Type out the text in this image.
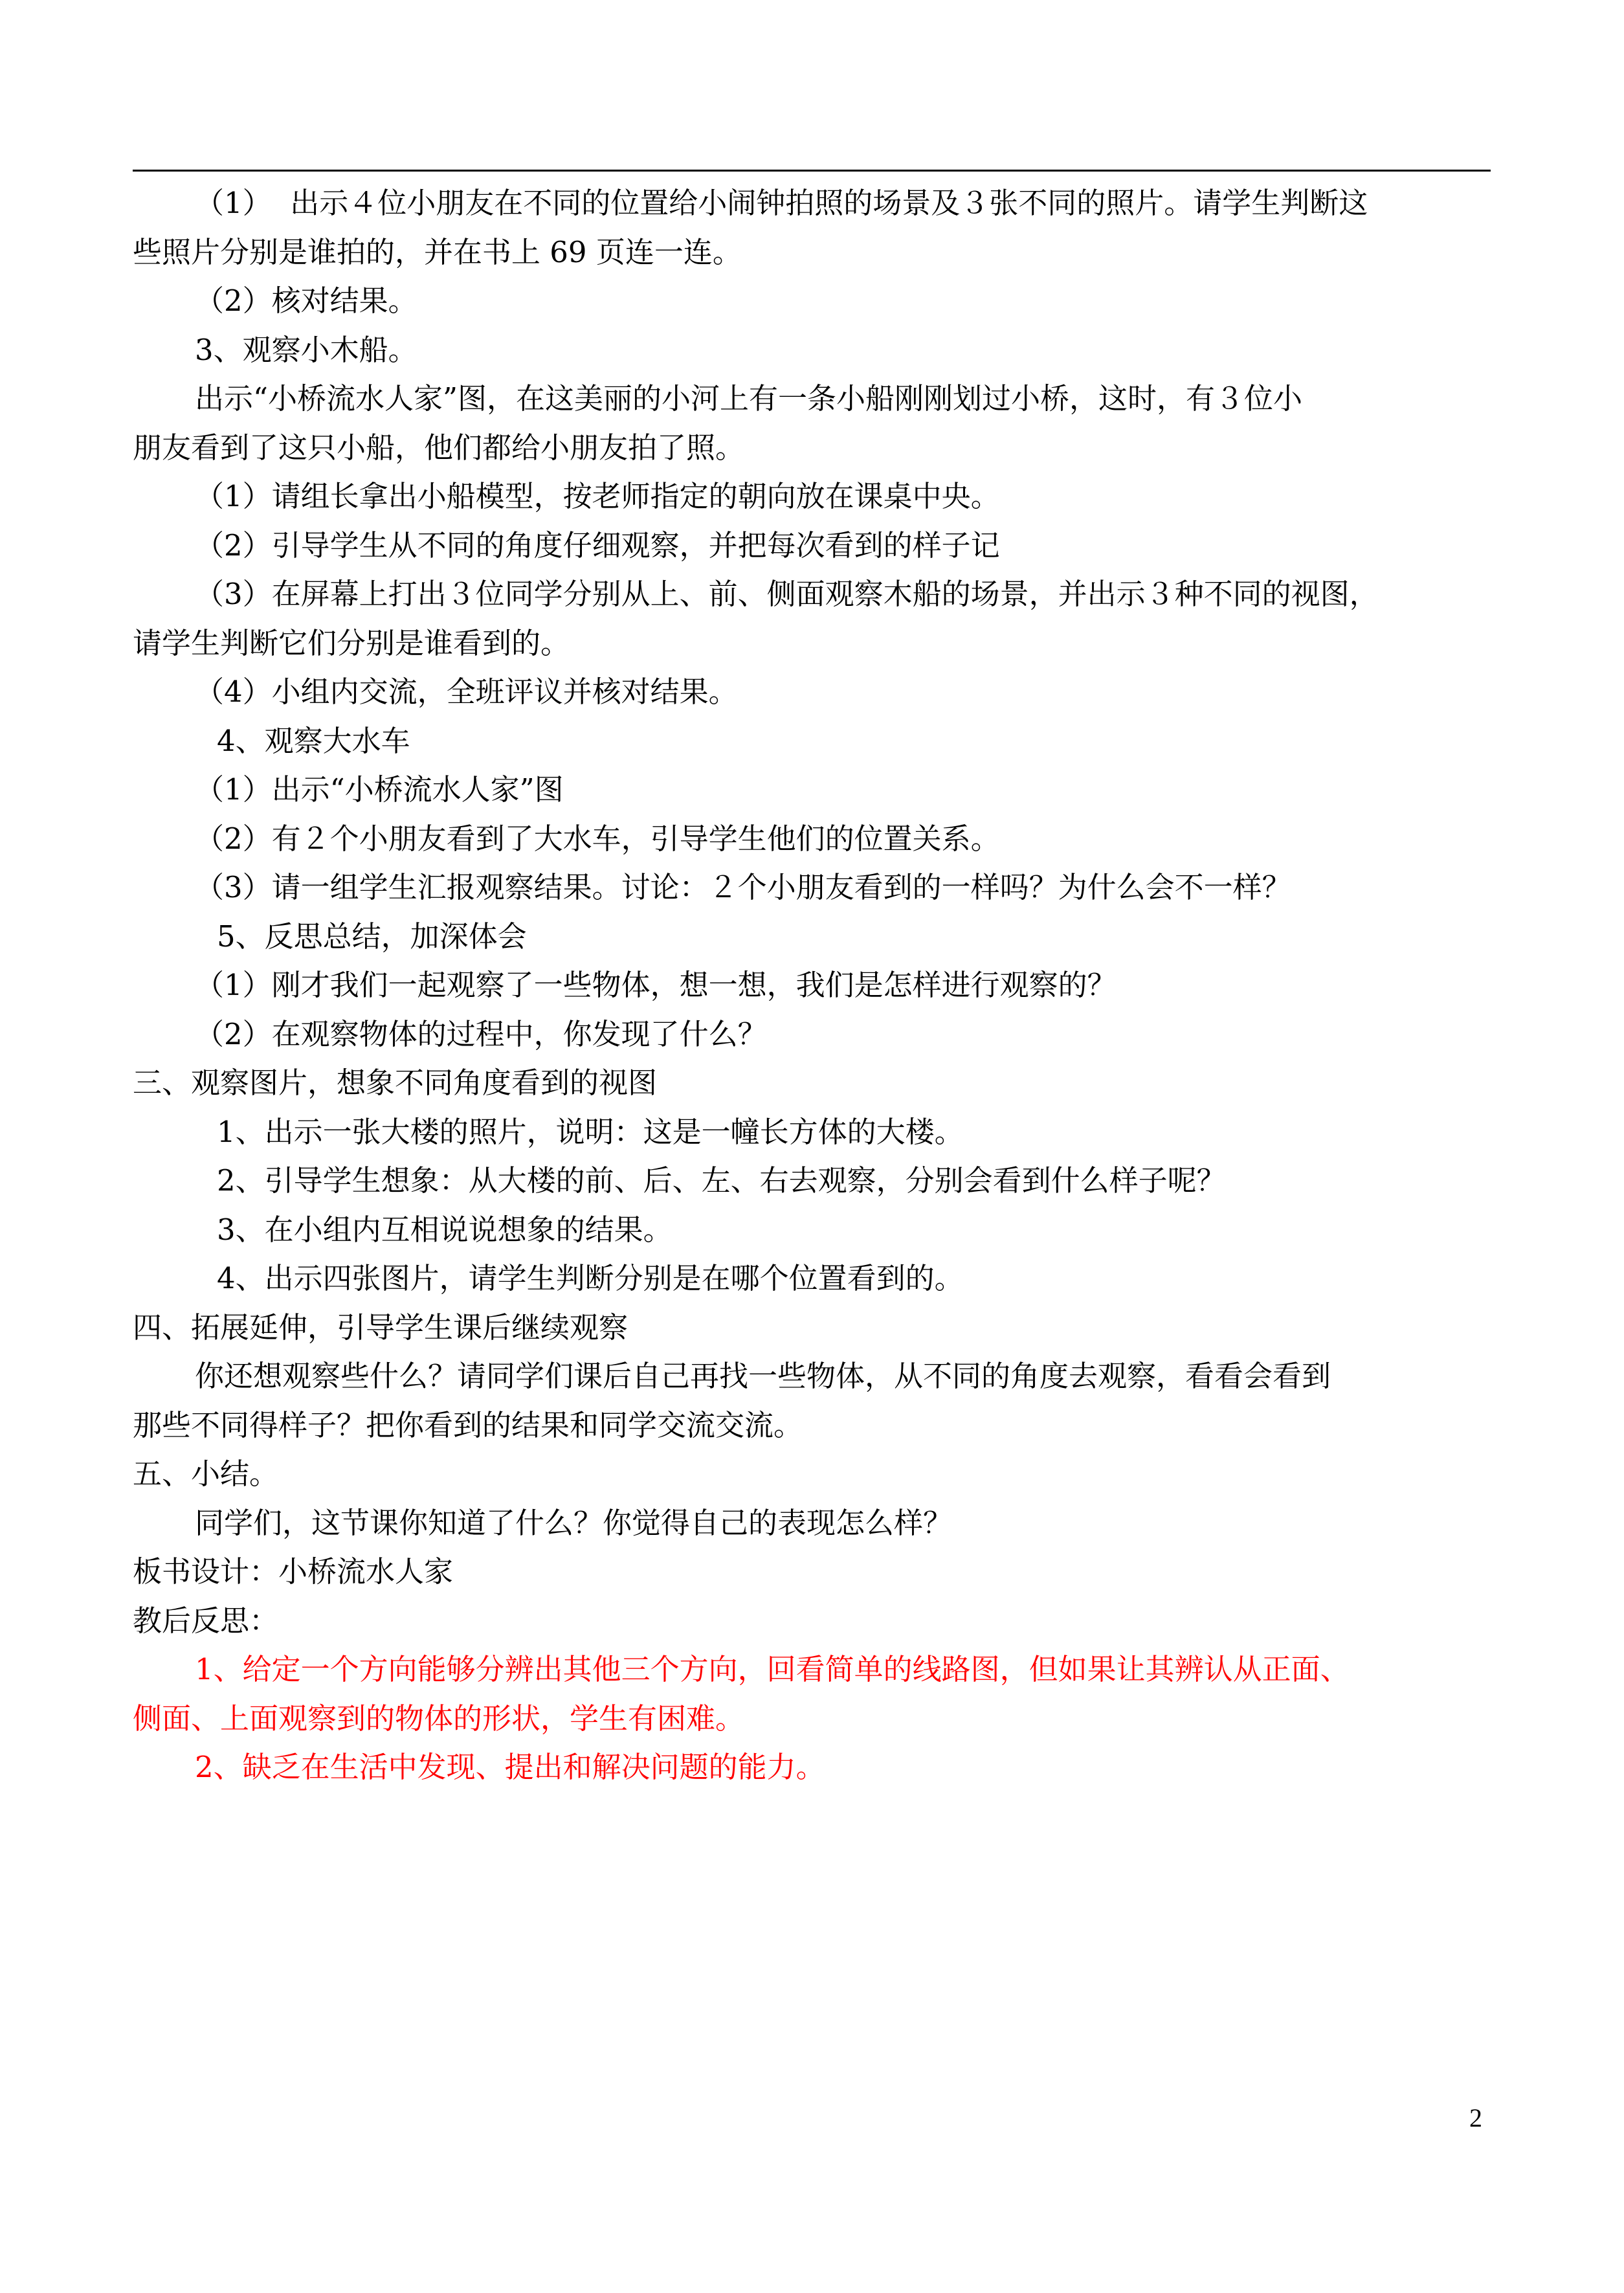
（1）  出示４位小朋友在不同的位置给小闹钟拍照的场景及３张不同的照片。请学生判断这
些照片分别是谁拍的，并在书上 69 页连一连。
（2）核对结果。
3、观察小木船。
出示“小桥流水人家”图，在这美丽的小河上有一条小船刚刚划过小桥，这时，有３位小
朋友看到了这只小船，他们都给小朋友拍了照。
（1）请组长拿出小船模型，按老师指定的朝向放在课桌中央。
（2）引导学生从不同的角度仔细观察，并把每次看到的样子记
（3）在屏幕上打出３位同学分别从上、前、侧面观察木船的场景，并出示３种不同的视图，
请学生判断它们分别是谁看到的。
（4）小组内交流，全班评议并核对结果。
4、观察大水车
（1）出示“小桥流水人家”图
（2）有２个小朋友看到了大水车，引导学生他们的位置关系。
（3）请一组学生汇报观察结果。讨论：２个小朋友看到的一样吗？为什么会不一样？
5、反思总结，加深体会
（1）刚才我们一起观察了一些物体，想一想，我们是怎样进行观察的？
（2）在观察物体的过程中，你发现了什么？
三、观察图片，想象不同角度看到的视图
1、出示一张大楼的照片，说明：这是一幢长方体的大楼。
2、引导学生想象：从大楼的前、后、左、右去观察，分别会看到什么样子呢？
3、在小组内互相说说想象的结果。
4、出示四张图片，请学生判断分别是在哪个位置看到的。
四、拓展延伸，引导学生课后继续观察
你还想观察些什么？请同学们课后自己再找一些物体，从不同的角度去观察，看看会看到
那些不同得样子？把你看到的结果和同学交流交流。
五、小结。
同学们，这节课你知道了什么？你觉得自己的表现怎么样？
板书设计：小桥流水人家
教后反思：
1、给定一个方向能够分辨出其他三个方向，回看简单的线路图，但如果让其辨认从正面、
侧面、上面观察到的物体的形状，学生有困难。
2、缺乏在生活中发现、提出和解决问题的能力。
2
